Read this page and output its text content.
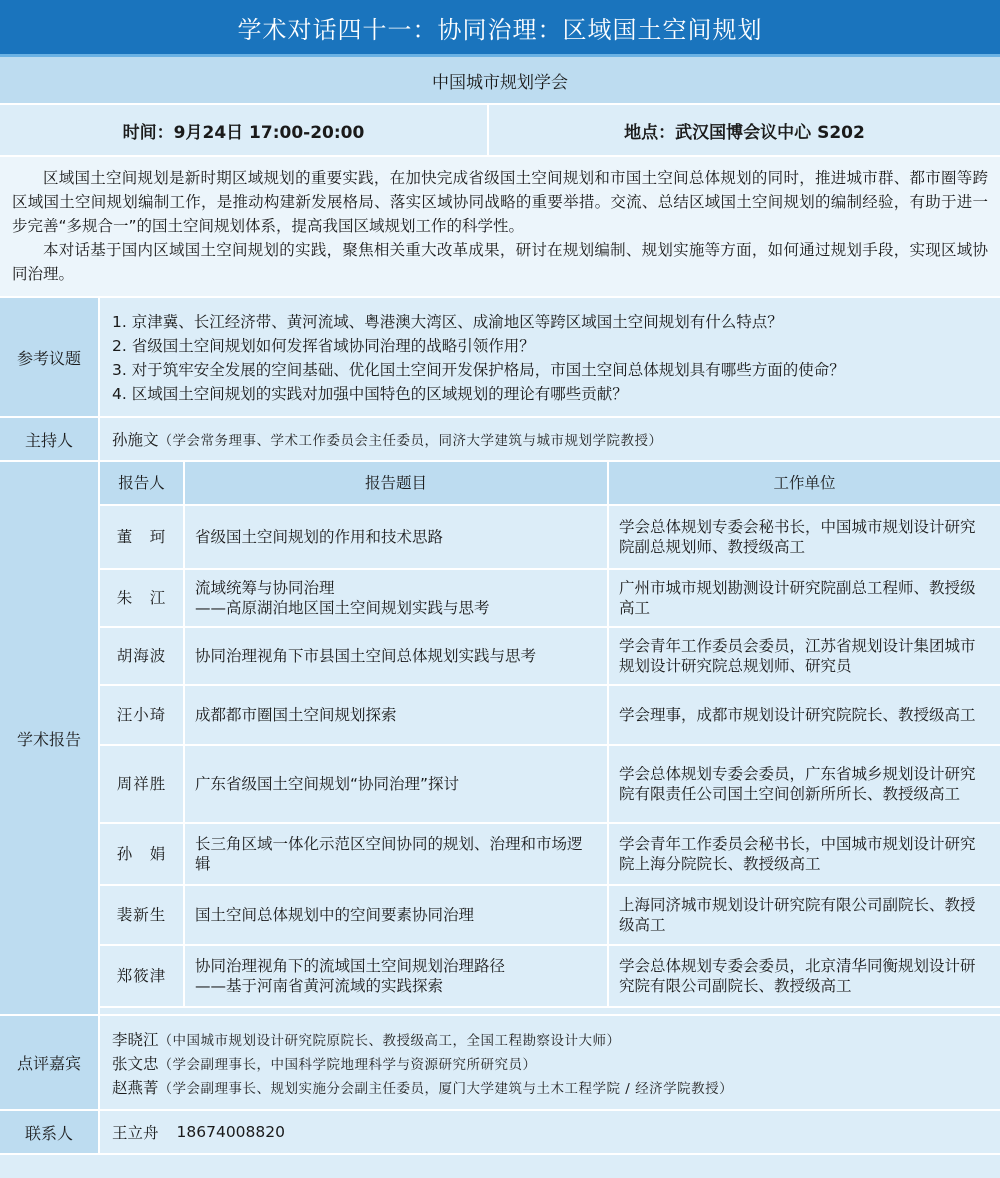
学术对话四十一：协同治理：区域国土空间规划
中国城市规划学会
时间：9月24日 17:00-20:00	地点：武汉国博会议中心 S202

区域国土空间规划是新时期区域规划的重要实践，在加快完成省级国土空间规划和市国土空间总体规划的同时，推进城市群、都市圈等跨区域国土空间规划编制工作，是推动构建新发展格局、落实区域协同战略的重要举措。交流、总结区域国土空间规划的编制经验，有助于进一步完善“多规合一”的国土空间规划体系，提高我国区域规划工作的科学性。

本对话基于国内区域国土空间规划的实践，聚焦相关重大改革成果，研讨在规划编制、规划实施等方面，如何通过规划手段，实现区域协同治理。

参考议题
1. 京津冀、长江经济带、黄河流域、粤港澳大湾区、成渝地区等跨区域国土空间规划有什么特点？
2. 省级国土空间规划如何发挥省域协同治理的战略引领作用？
3. 对于筑牢安全发展的空间基础、优化国土空间开发保护格局，市国土空间总体规划具有哪些方面的使命？
4. 区域国土空间规划的实践对加强中国特色的区域规划的理论有哪些贡献？
主持人	孙施文 （学会常务理事、学术工作委员会主任委员，同济大学建筑与城市规划学院教授）
学术报告
报告人	报告题目	工作单位
董　珂	省级国土空间规划的作用和技术思路	学会总体规划专委会秘书长，中国城市规划设计研究院副总规划师、教授级高工
朱　江	流域统筹与协同治理
——高原湖泊地区国土空间规划实践与思考	广州市城市规划勘测设计研究院副总工程师、教授级高工
胡海波	协同治理视角下市县国土空间总体规划实践与思考	学会青年工作委员会委员，江苏省规划设计集团城市规划设计研究院总规划师、研究员
汪小琦	成都都市圈国土空间规划探索	学会理事，成都市规划设计研究院院长、教授级高工
周祥胜	广东省级国土空间规划“协同治理”探讨	学会总体规划专委会委员，广东省城乡规划设计研究院有限责任公司国土空间创新所所长、教授级高工
孙　娟	长三角区域一体化示范区空间协同的规划、治理和市场逻辑	学会青年工作委员会秘书长，中国城市规划设计研究院上海分院院长、教授级高工
裴新生	国土空间总体规划中的空间要素协同治理	上海同济城市规划设计研究院有限公司副院长、教授级高工
郑筱津	协同治理视角下的流域国土空间规划治理路径
——基于河南省黄河流域的实践探索	学会总体规划专委会委员，北京清华同衡规划设计研究院有限公司副院长、教授级高工
点评嘉宾
李晓江（中国城市规划设计研究院原院长、教授级高工，全国工程勘察设计大师）
张文忠（学会副理事长，中国科学院地理科学与资源研究所研究员）
赵燕菁（学会副理事长、规划实施分会副主任委员，厦门大学建筑与土木工程学院 / 经济学院教授）
联系人	王立舟 18674008820
